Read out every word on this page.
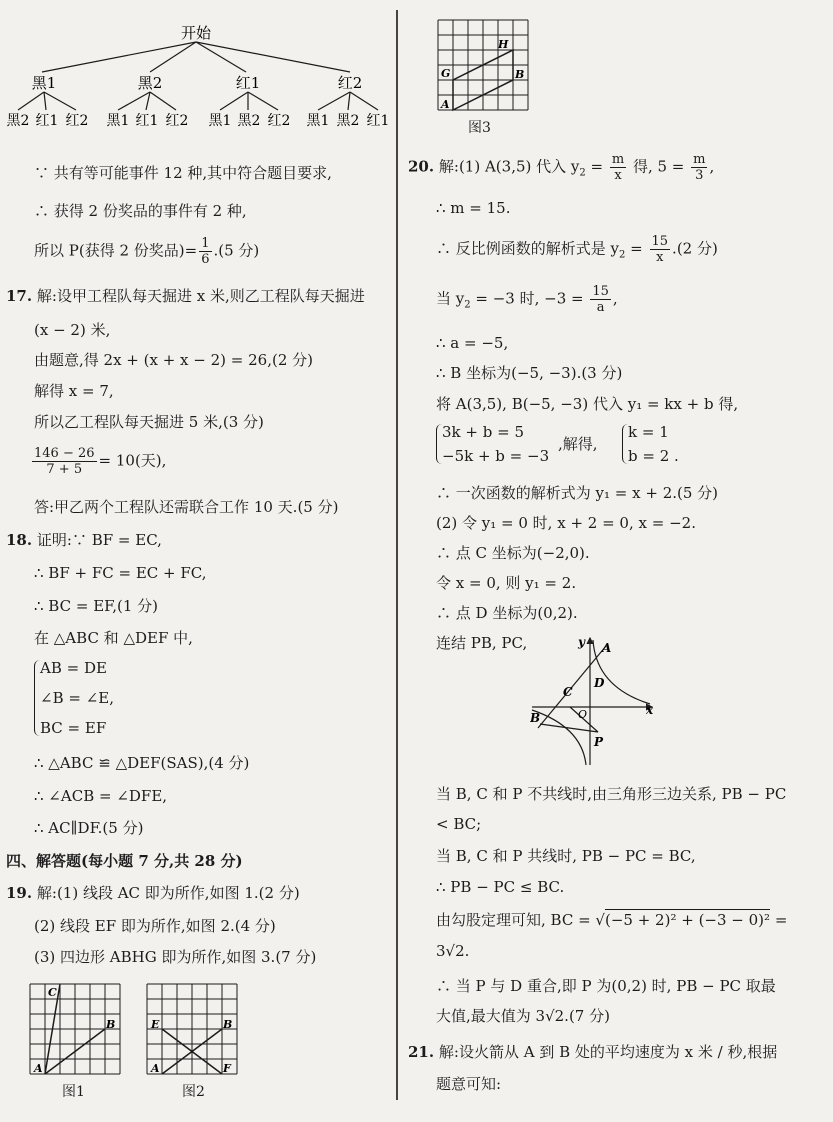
开始
黑1	黑2	红1	红2
黑2 红1 红2 黑1 红1 红2 黑1 黑2 红2 黑1 黑2 红1
∵ 共有等可能事件 12 种,其中符合题目要求,
∴ 获得 2 份奖品的事件有 2 种,
所以 P(获得 2 份奖品)= $\frac{1}{6} .(5$ 分)
17. 解:设甲工程队每天掘进 x 米,则乙工程队每天掘进
(x − 2) 米,
由题意,得 2x + (x + x − 2) = 26,(2 分)
解得 x = 7,
所以乙工程队每天掘进 5 米,(3 分)
$\frac{146 - 26}{7 + 5} = 10$(天),
答:甲乙两个工程队还需联合工作 10 天.(5 分)
18. 证明:∵ BF = EC,
∴ BF + FC = EC + FC,
∴ BC = EF,(1 分)
在 △ABC 和 △DEF 中,
AB = DE
∠B = ∠E,
BC = EF
∴ △ABC ≌ △DEF(SAS),(4 分)
∴ ∠ACB = ∠DFE,
∴ AC∥DF.(5 分)
四、解答题(每小题 7 分,共 28 分)
19. 解:(1) 线段 AC 即为所作,如图 1.(2 分)
(2) 线段 EF 即为所作,如图 2.(4 分)
(3) 四边形 ABHG 即为所作,如图 3.(7 分)
C
B
A
图1
E	B
A	F
图2
H
G	B
A
图3
20. 解:(1) A(3,5) 代入 $y_2 = \frac{m}{x}$ 得, $5 = \frac{m}{3}$ ,
∴ m = 15.
∴ 反比例函数的解析式是 $y_2 = \frac{15}{x} .(2$ 分)
当 $y_2 = -3$ 时, $-3 = \frac{15}{a}$ ,
∴ a = −5,
∴ B 坐标为(−5, −3).(3 分)
将 A(3,5), B(−5, −3) 代入 y₁ = kx + b 得,
3k + b = 5
−5k + b = −3
,解得,
k = 1
b = 2 .
∴ 一次函数的解析式为 y₁ = x + 2.(5 分)
(2) 令 y₁ = 0 时, x + 2 = 0, x = −2.
∴ 点 C 坐标为(−2,0).
令 x = 0, 则 y₁ = 2.
∴ 点 D 坐标为(0,2).
连结 PB, PC,	y
x
A
C
D
B	O
P
当 B, C 和 P 不共线时,由三角形三边关系, PB − PC
< BC;
当 B, C 和 P 共线时, PB − PC = BC,
∴ PB − PC ≤ BC.
由勾股定理可知, BC = √(−5 + 2)² + (−3 − 0)² =
3√2.
∴ 当 P 与 D 重合,即 P 为(0,2) 时, PB − PC 取最
大值,最大值为 3√2.(7 分)
21. 解:设火箭从 A 到 B 处的平均速度为 x 米 / 秒,根据
题意可知:
